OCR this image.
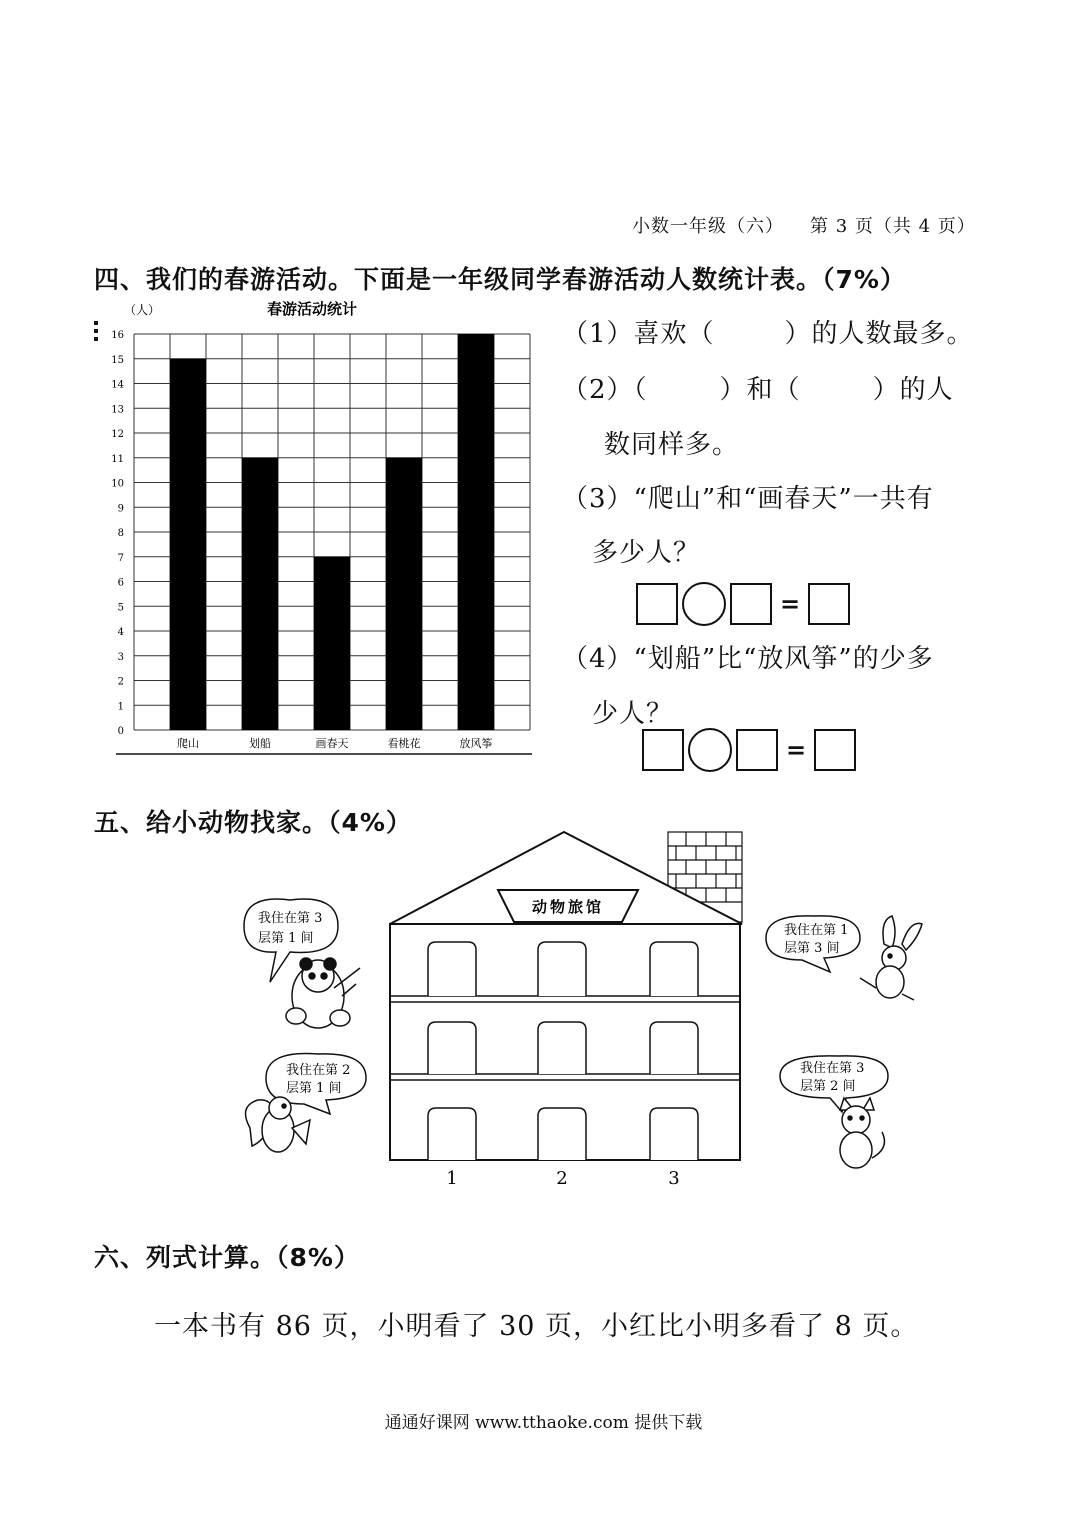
小数一年级（六） 第 3 页（共 4 页）
四、我们的春游活动。下面是一年级同学春游活动人数统计表。（7%）
春游活动统计
（人）
0
1
2
3
4
5
6
7
8
9
10
11
12
13
14
15
16
爬山	划船	画春天	看桃花	放风筝
（1）喜欢（	）的人数最多。
（2）（	）和（	）的人
数同样多。
（3）“爬山”和“画春天”一共有
多少人？
=
（4）“划船”比“放风筝”的少多
少人？
=
五、给小动物找家。（4%）
动物旅馆
1	2	3
我住在第 3
层第 1 间
我住在第 2
层第 1 间
我住在第 1
层第 3 间
我住在第 3
层第 2 间
六、列式计算。（8%）
一本书有 86 页，小明看了 30 页，小红比小明多看了 8 页。
通通好课网 www.tthaoke.com 提供下载
